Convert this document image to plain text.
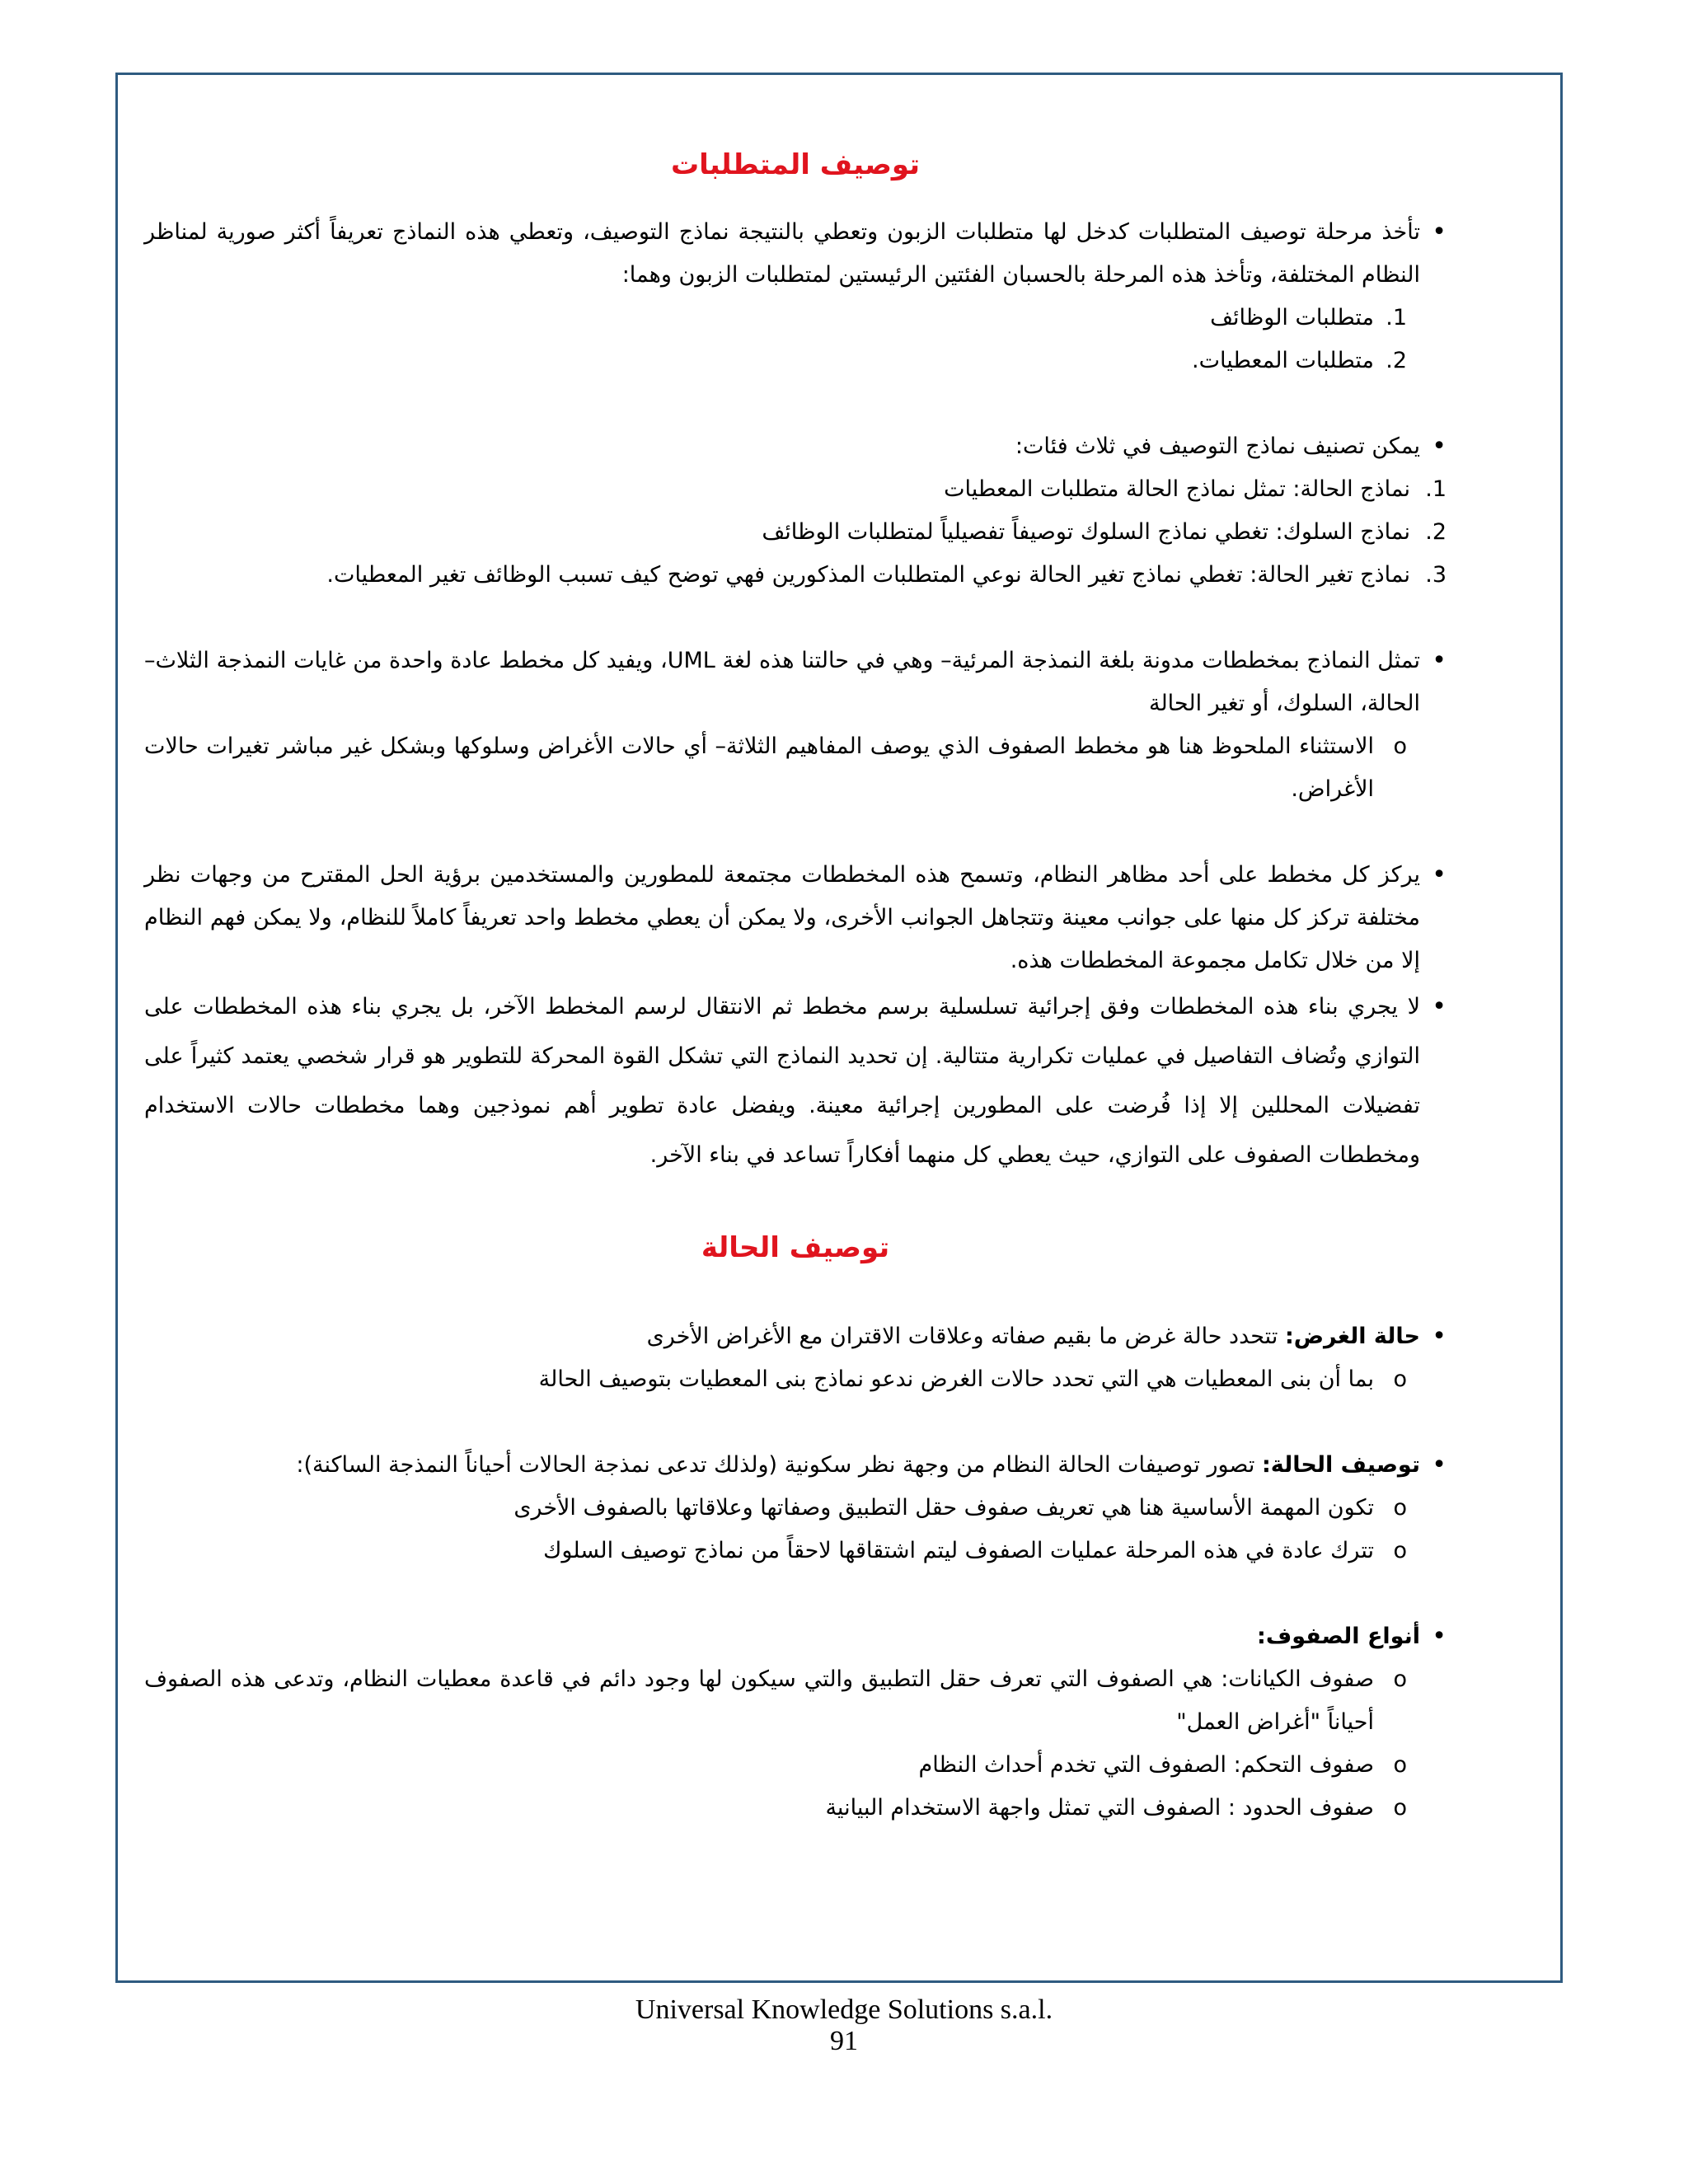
توصيف المتطلبات
• تأخذ مرحلة توصيف المتطلبات كدخل لها متطلبات الزبون وتعطي بالنتيجة نماذج التوصيف، وتعطي هذه النماذج تعريفاً أكثر صورية لمناظر النظام المختلفة، وتأخذ هذه المرحلة بالحسبان الفئتين الرئيستين لمتطلبات الزبون وهما:
1.
متطلبات الوظائف
2.
متطلبات المعطيات.
• يمكن تصنيف نماذج التوصيف في ثلاث فئات:
1.
نماذج الحالة: تمثل نماذج الحالة متطلبات المعطيات
2.
نماذج السلوك: تغطي نماذج السلوك توصيفاً تفصيلياً لمتطلبات الوظائف
3.
نماذج تغير الحالة: تغطي نماذج تغير الحالة نوعي المتطلبات المذكورين فهي توضح كيف تسبب الوظائف تغير المعطيات.
• تمثل النماذج بمخططات مدونة بلغة النمذجة المرئية– وهي في حالتنا هذه لغة UML، ويفيد كل مخطط عادة واحدة من غايات النمذجة الثلاث– الحالة، السلوك، أو تغير الحالة
o الاستثناء الملحوظ هنا هو مخطط الصفوف الذي يوصف المفاهيم الثلاثة– أي حالات الأغراض وسلوكها وبشكل غير مباشر تغيرات حالات الأغراض.
• يركز كل مخطط على أحد مظاهر النظام، وتسمح هذه المخططات مجتمعة للمطورين والمستخدمين برؤية الحل المقترح من وجهات نظر مختلفة تركز كل منها على جوانب معينة وتتجاهل الجوانب الأخرى، ولا يمكن أن يعطي مخطط واحد تعريفاً كاملاً للنظام، ولا يمكن فهم النظام إلا من خلال تكامل مجموعة المخططات هذه.
• لا يجري بناء هذه المخططات وفق إجرائية تسلسلية برسم مخطط ثم الانتقال لرسم المخطط الآخر، بل يجري بناء هذه المخططات على التوازي وتُضاف التفاصيل في عمليات تكرارية متتالية. إن تحديد النماذج التي تشكل القوة المحركة للتطوير هو قرار شخصي يعتمد كثيراً على تفضيلات المحللين إلا إذا فُرضت على المطورين إجرائية معينة. ويفضل عادة تطوير أهم نموذجين وهما مخططات حالات الاستخدام ومخططات الصفوف على التوازي، حيث يعطي كل منهما أفكاراً تساعد في بناء الآخر.
توصيف الحالة
• حالة الغرض: تتحدد حالة غرض ما بقيم صفاته وعلاقات الاقتران مع الأغراض الأخرى
o بما أن بنى المعطيات هي التي تحدد حالات الغرض ندعو نماذج بنى المعطيات بتوصيف الحالة
• توصيف الحالة: تصور توصيفات الحالة النظام من وجهة نظر سكونية (ولذلك تدعى نمذجة الحالات أحياناً النمذجة الساكنة):
o تكون المهمة الأساسية هنا هي تعريف صفوف حقل التطبيق وصفاتها وعلاقاتها بالصفوف الأخرى
o تترك عادة في هذه المرحلة عمليات الصفوف ليتم اشتقاقها لاحقاً من نماذج توصيف السلوك
• أنواع الصفوف:
o صفوف الكيانات: هي الصفوف التي تعرف حقل التطبيق والتي سيكون لها وجود دائم في قاعدة معطيات النظام، وتدعى هذه الصفوف أحياناً "أغراض العمل"
o صفوف التحكم: الصفوف التي تخدم أحداث النظام
o صفوف الحدود : الصفوف التي تمثل واجهة الاستخدام البيانية
Universal Knowledge Solutions s.a.l.
91
